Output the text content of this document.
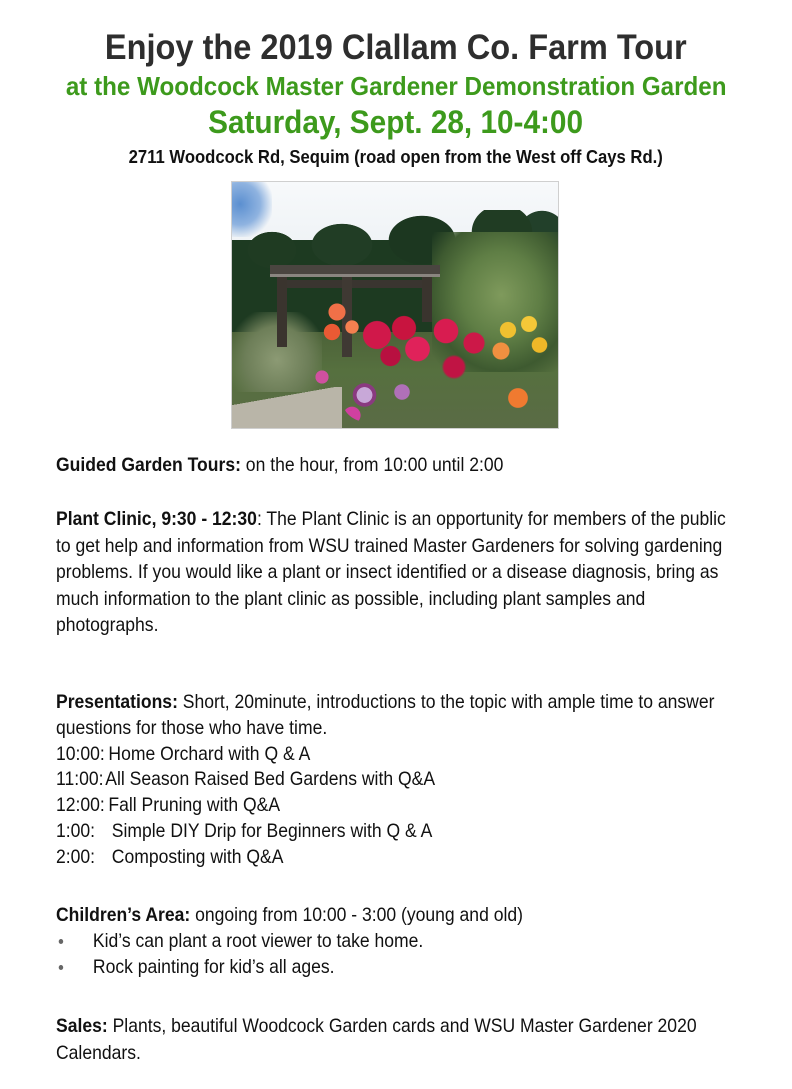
Enjoy the 2019 Clallam Co. Farm Tour
at the Woodcock Master Gardener Demonstration Garden
Saturday, Sept. 28, 10-4:00
2711 Woodcock Rd, Sequim (road open from the West off Cays Rd.)
Guided Garden Tours: on the hour, from 10:00 until 2:00
Plant Clinic, 9:30 - 12:30: The Plant Clinic is an opportunity for members of the public to get help and information from WSU trained Master Gardeners for solving gardening problems. If you would like a plant or insect identified or a disease diagnosis, bring as much information to the plant clinic as possible, including plant samples and photographs.
Presentations: Short, 20minute, introductions to the topic with ample time to answer questions for those who have time.
10:00: Home Orchard with Q & A
11:00: All Season Raised Bed Gardens with Q&A
12:00: Fall Pruning with Q&A
1:00: Simple DIY Drip for Beginners with Q & A
2:00: Composting with Q&A
Children’s Area: ongoing from 10:00 - 3:00 (young and old)
Kid’s can plant a root viewer to take home.
Rock painting for kid’s all ages.
Sales: Plants, beautiful Woodcock Garden cards and WSU Master Gardener 2020 Calendars.
